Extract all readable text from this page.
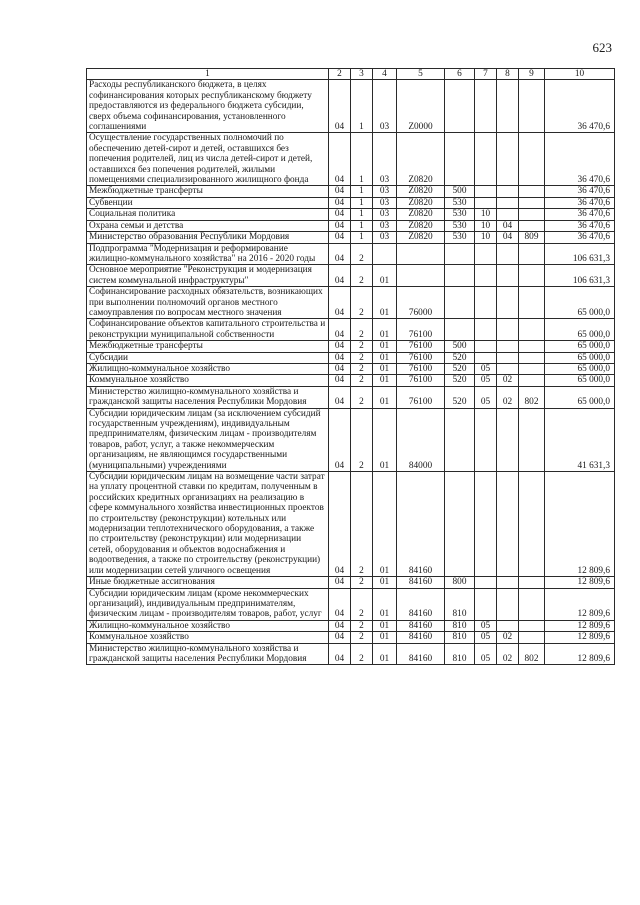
623
1	2	3	4	5	6	7	8	9	10
Расходы республиканского бюджета, в целях софинансирования которых республиканскому бюджету предоставляются из федерального бюджета субсидии, сверх объема софинансирования, установленного соглашениями	04	1	03	Z0000					36 470,6
Осуществление государственных полномочий по обеспечению детей-сирот и детей, оставшихся без попечения родителей, лиц из числа детей-сирот и детей, оставшихся без попечения родителей, жилыми помещениями специализированного жилищного фонда	04	1	03	Z0820					36 470,6
Межбюджетные трансферты	04	1	03	Z0820	500				36 470,6
Субвенции	04	1	03	Z0820	530				36 470,6
Социальная политика	04	1	03	Z0820	530	10			36 470,6
Охрана семьи и детства	04	1	03	Z0820	530	10	04		36 470,6
Министерство образования Республики Мордовия	04	1	03	Z0820	530	10	04	809	36 470,6
Подпрограмма "Модернизация и реформирование жилищно-коммунального хозяйства" на 2016 - 2020 годы	04	2							106 631,3
Основное мероприятие "Реконструкция и модернизация систем коммунальной инфраструктуры"	04	2	01						106 631,3
Софинансирование расходных обязательств, возникающих при выполнении полномочий органов местного самоуправления по вопросам местного значения	04	2	01	76000					65 000,0
Софинансирование объектов капитального строительства и реконструкции муниципальной собственности	04	2	01	76100					65 000,0
Межбюджетные трансферты	04	2	01	76100	500				65 000,0
Субсидии	04	2	01	76100	520				65 000,0
Жилищно-коммунальное хозяйство	04	2	01	76100	520	05			65 000,0
Коммунальное хозяйство	04	2	01	76100	520	05	02		65 000,0
Министерство жилищно-коммунального хозяйства и гражданской защиты населения Республики Мордовия	04	2	01	76100	520	05	02	802	65 000,0
Субсидии юридическим лицам (за исключением субсидий государственным учреждениям), индивидуальным предпринимателям, физическим лицам - производителям товаров, работ, услуг, а также некоммерческим организациям, не являющимся государственными (муниципальными) учреждениями	04	2	01	84000					41 631,3
Субсидии юридическим лицам на возмещение части затрат на уплату процентной ставки по кредитам, полученным в российских кредитных организациях на реализацию в сфере коммунального хозяйства инвестиционных проектов по строительству (реконструкции) котельных или модернизации теплотехнического оборудования, а также по строительству (реконструкции) или модернизации сетей, оборудования и объектов водоснабжения и водоотведения, а также по строительству (реконструкции) или модернизации сетей уличного освещения	04	2	01	84160					12 809,6
Иные бюджетные ассигнования	04	2	01	84160	800				12 809,6
Субсидии юридическим лицам (кроме некоммерческих организаций), индивидуальным предпринимателям, физическим лицам - производителям товаров, работ, услуг	04	2	01	84160	810				12 809,6
Жилищно-коммунальное хозяйство	04	2	01	84160	810	05			12 809,6
Коммунальное хозяйство	04	2	01	84160	810	05	02		12 809,6
Министерство жилищно-коммунального хозяйства и гражданской защиты населения Республики Мордовия	04	2	01	84160	810	05	02	802	12 809,6
